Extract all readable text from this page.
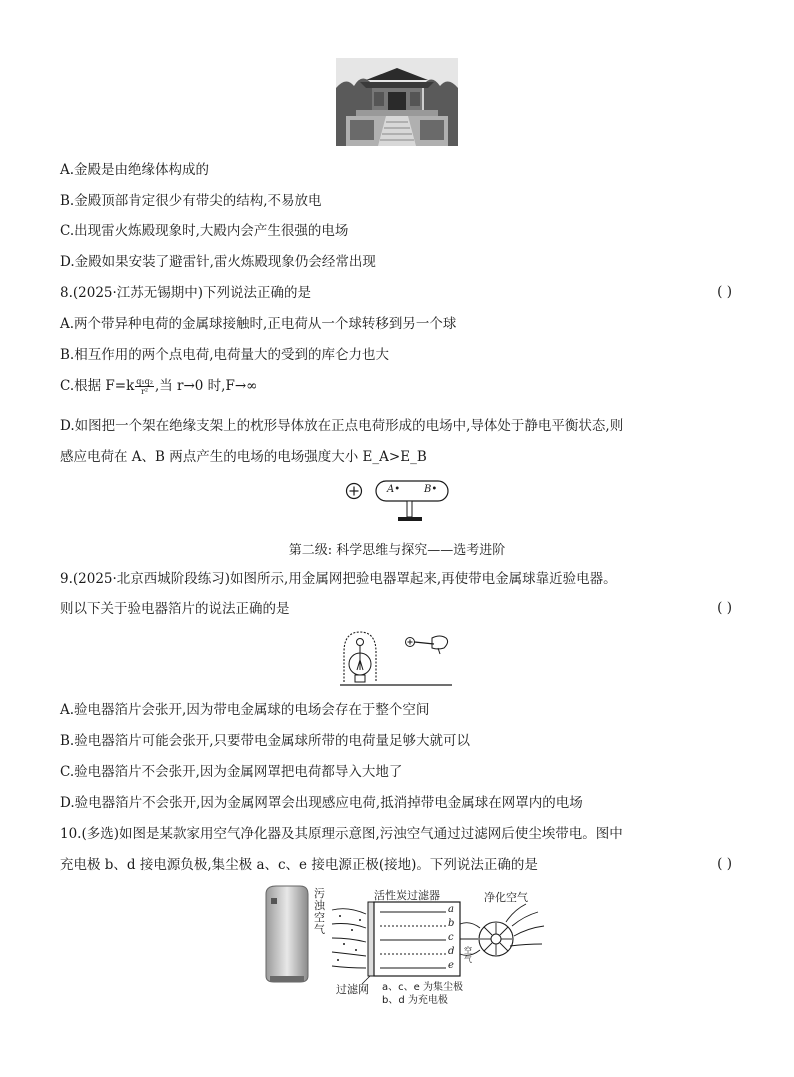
A.金殿是由绝缘体构成的
B.金殿顶部肯定很少有带尖的结构,不易放电
C.出现雷火炼殿现象时,大殿内会产生很强的电场
D.金殿如果安装了避雷针,雷火炼殿现象仍会经常出现
8.(2025·江苏无锡期中)下列说法正确的是	( )
A.两个带异种电荷的金属球接触时,正电荷从一个球转移到另一个球
B.相互作用的两个点电荷,电荷量大的受到的库仑力也大
C.根据 $F=k \frac{\text{q₁q₂}}{\text{r²}}$ ,当 r→0 时,F→∞
D.如图把一个架在绝缘支架上的枕形导体放在正点电荷形成的电场中,导体处于静电平衡状态,则
感应电荷在 A、B 两点产生的电场的电场强度大小 E_A>E_B
A• B•
第二级: 科学思维与探究——选考进阶
9.(2025·北京西城阶段练习)如图所示,用金属网把验电器罩起来,再使带电金属球靠近验电器。
则以下关于验电器箔片的说法正确的是	( )
A.验电器箔片会张开,因为带电金属球的电场会存在于整个空间
B.验电器箔片可能会张开,只要带电金属球所带的电荷量足够大就可以
C.验电器箔片不会张开,因为金属网罩把电荷都导入大地了
D.验电器箔片不会张开,因为金属网罩会出现感应电荷,抵消掉带电金属球在网罩内的电场
10.(多选)如图是某款家用空气净化器及其原理示意图,污浊空气通过过滤网后使尘埃带电。图中
充电极 b、d 接电源负极,集尘极 a、c、e 接电源正极(接地)。下列说法正确的是	( )
污浊空气
活性炭过滤器	净化空气
空气
a
b
c
d
e
过滤网 a、c、e 为集尘极
b、d 为充电极
